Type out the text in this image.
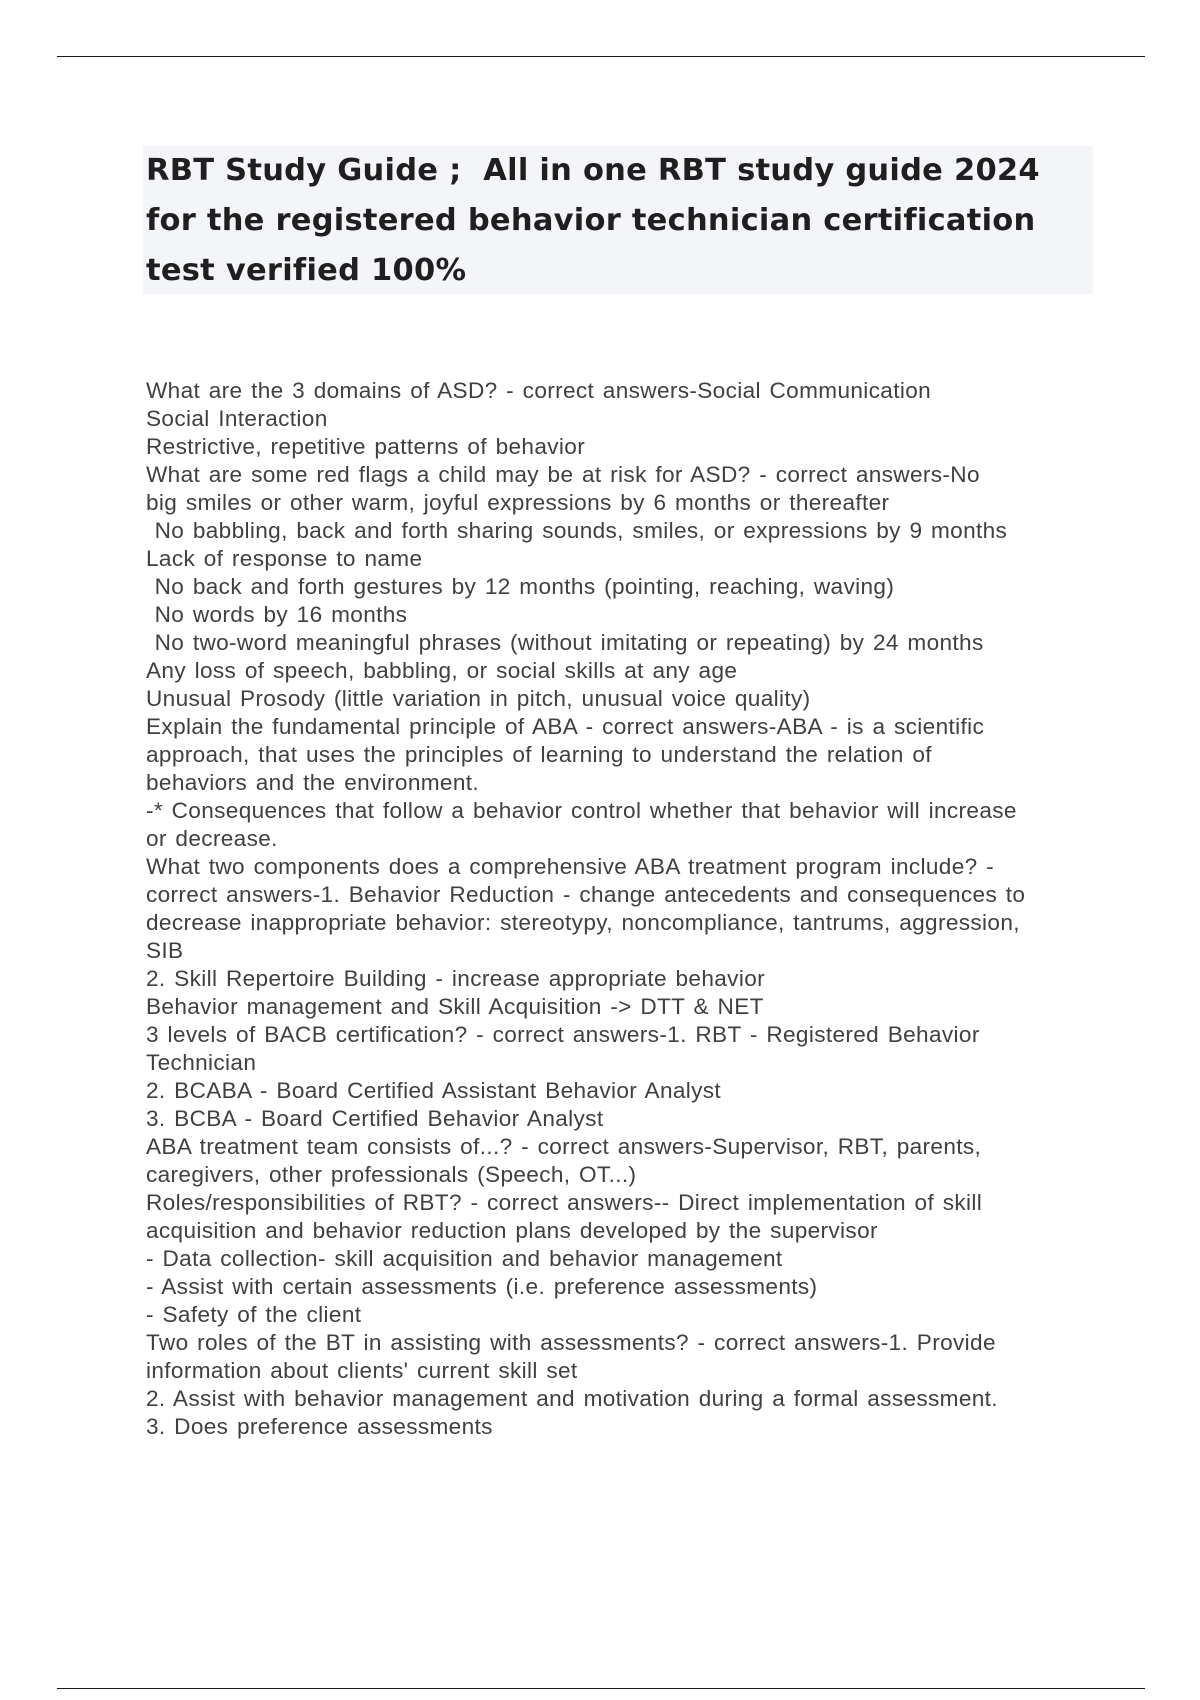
RBT Study Guide ;  All in one RBT study guide 2024
for the registered behavior technician certification
test verified 100%
What are the 3 domains of ASD? - correct answers-Social Communication
Social Interaction
Restrictive, repetitive patterns of behavior
What are some red flags a child may be at risk for ASD? - correct answers-No
big smiles or other warm, joyful expressions by 6 months or thereafter
No babbling, back and forth sharing sounds, smiles, or expressions by 9 months
Lack of response to name
No back and forth gestures by 12 months (pointing, reaching, waving)
No words by 16 months
No two-word meaningful phrases (without imitating or repeating) by 24 months
Any loss of speech, babbling, or social skills at any age
Unusual Prosody (little variation in pitch, unusual voice quality)
Explain the fundamental principle of ABA - correct answers-ABA - is a scientific
approach, that uses the principles of learning to understand the relation of
behaviors and the environment.
-* Consequences that follow a behavior control whether that behavior will increase
or decrease.
What two components does a comprehensive ABA treatment program include? -
correct answers-1. Behavior Reduction - change antecedents and consequences to
decrease inappropriate behavior: stereotypy, noncompliance, tantrums, aggression,
SIB
2. Skill Repertoire Building - increase appropriate behavior
Behavior management and Skill Acquisition -> DTT & NET
3 levels of BACB certification? - correct answers-1. RBT - Registered Behavior
Technician
2. BCABA - Board Certified Assistant Behavior Analyst
3. BCBA - Board Certified Behavior Analyst
ABA treatment team consists of...? - correct answers-Supervisor, RBT, parents,
caregivers, other professionals (Speech, OT...)
Roles/responsibilities of RBT? - correct answers-- Direct implementation of skill
acquisition and behavior reduction plans developed by the supervisor
- Data collection- skill acquisition and behavior management
- Assist with certain assessments (i.e. preference assessments)
- Safety of the client
Two roles of the BT in assisting with assessments? - correct answers-1. Provide
information about clients' current skill set
2. Assist with behavior management and motivation during a formal assessment.
3. Does preference assessments
